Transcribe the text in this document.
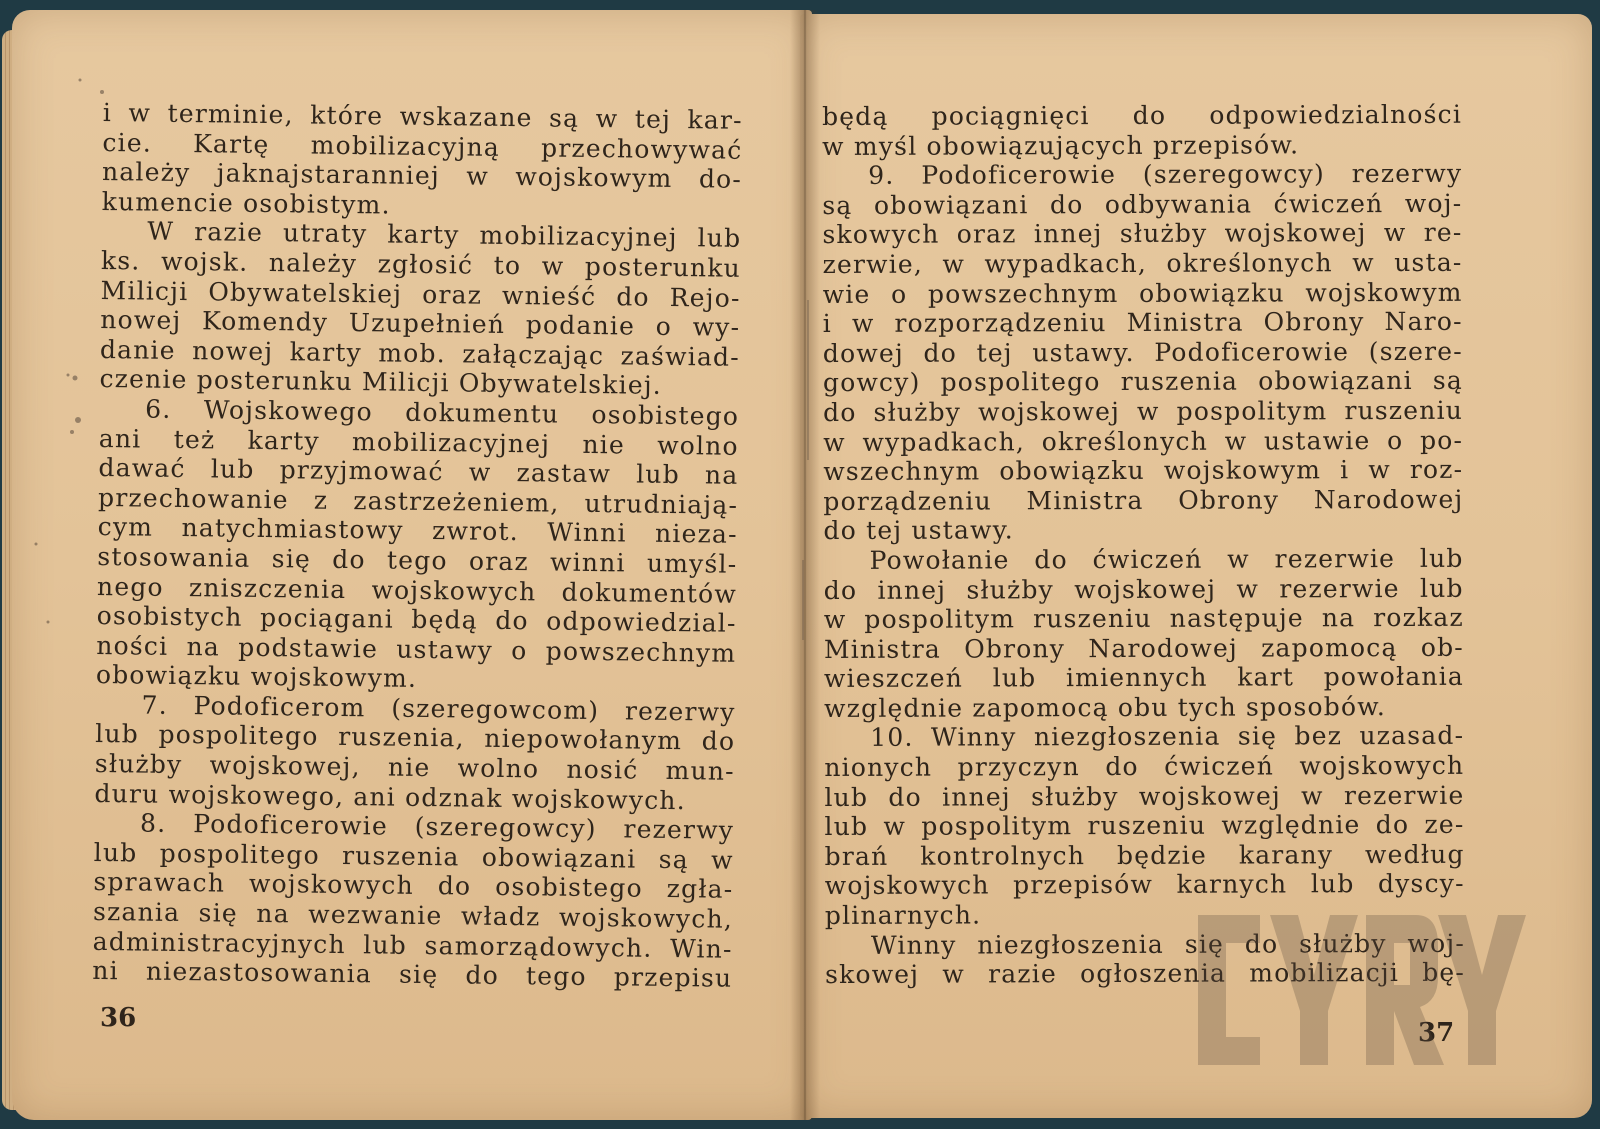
i w terminie, które wskazane są w tej kar-
cie. Kartę mobilizacyjną przechowywać
należy jaknajstaranniej w wojskowym do-
kumencie osobistym.

W razie utraty karty mobilizacyjnej lub
ks. wojsk. należy zgłosić to w posterunku
Milicji Obywatelskiej oraz wnieść do Rejo-
nowej Komendy Uzupełnień podanie o wy-
danie nowej karty mob. załączając zaświad-
czenie posterunku Milicji Obywatelskiej.

6. Wojskowego dokumentu osobistego
ani też karty mobilizacyjnej nie wolno
dawać lub przyjmować w zastaw lub na
przechowanie z zastrzeżeniem, utrudniają-
cym natychmiastowy zwrot. Winni nieza-
stosowania się do tego oraz winni umyśl-
nego zniszczenia wojskowych dokumentów
osobistych pociągani będą do odpowiedzial-
ności na podstawie ustawy o powszechnym
obowiązku wojskowym.

7. Podoficerom (szeregowcom) rezerwy
lub pospolitego ruszenia, niepowołanym do
służby wojskowej, nie wolno nosić mun-
duru wojskowego, ani odznak wojskowych.

8. Podoficerowie (szeregowcy) rezerwy
lub pospolitego ruszenia obowiązani są w
sprawach wojskowych do osobistego zgła-
szania się na wezwanie władz wojskowych,
administracyjnych lub samorządowych. Win-
ni niezastosowania się do tego przepisu

będą pociągnięci do odpowiedzialności
w myśl obowiązujących przepisów.

9. Podoficerowie (szeregowcy) rezerwy
są obowiązani do odbywania ćwiczeń woj-
skowych oraz innej służby wojskowej w re-
zerwie, w wypadkach, określonych w usta-
wie o powszechnym obowiązku wojskowym
i w rozporządzeniu Ministra Obrony Naro-
dowej do tej ustawy. Podoficerowie (szere-
gowcy) pospolitego ruszenia obowiązani są
do służby wojskowej w pospolitym ruszeniu
w wypadkach, określonych w ustawie o po-
wszechnym obowiązku wojskowym i w roz-
porządzeniu Ministra Obrony Narodowej
do tej ustawy.

Powołanie do ćwiczeń w rezerwie lub
do innej służby wojskowej w rezerwie lub
w pospolitym ruszeniu następuje na rozkaz
Ministra Obrony Narodowej zapomocą ob-
wieszczeń lub imiennych kart powołania
względnie zapomocą obu tych sposobów.

10. Winny niezgłoszenia się bez uzasad-
nionych przyczyn do ćwiczeń wojskowych
lub do innej służby wojskowej w rezerwie
lub w pospolitym ruszeniu względnie do ze-
brań kontrolnych będzie karany według
wojskowych przepisów karnych lub dyscy-
plinarnych.

Winny niezgłoszenia się do służby woj-
skowej w razie ogłoszenia mobilizacji bę-

36	37
